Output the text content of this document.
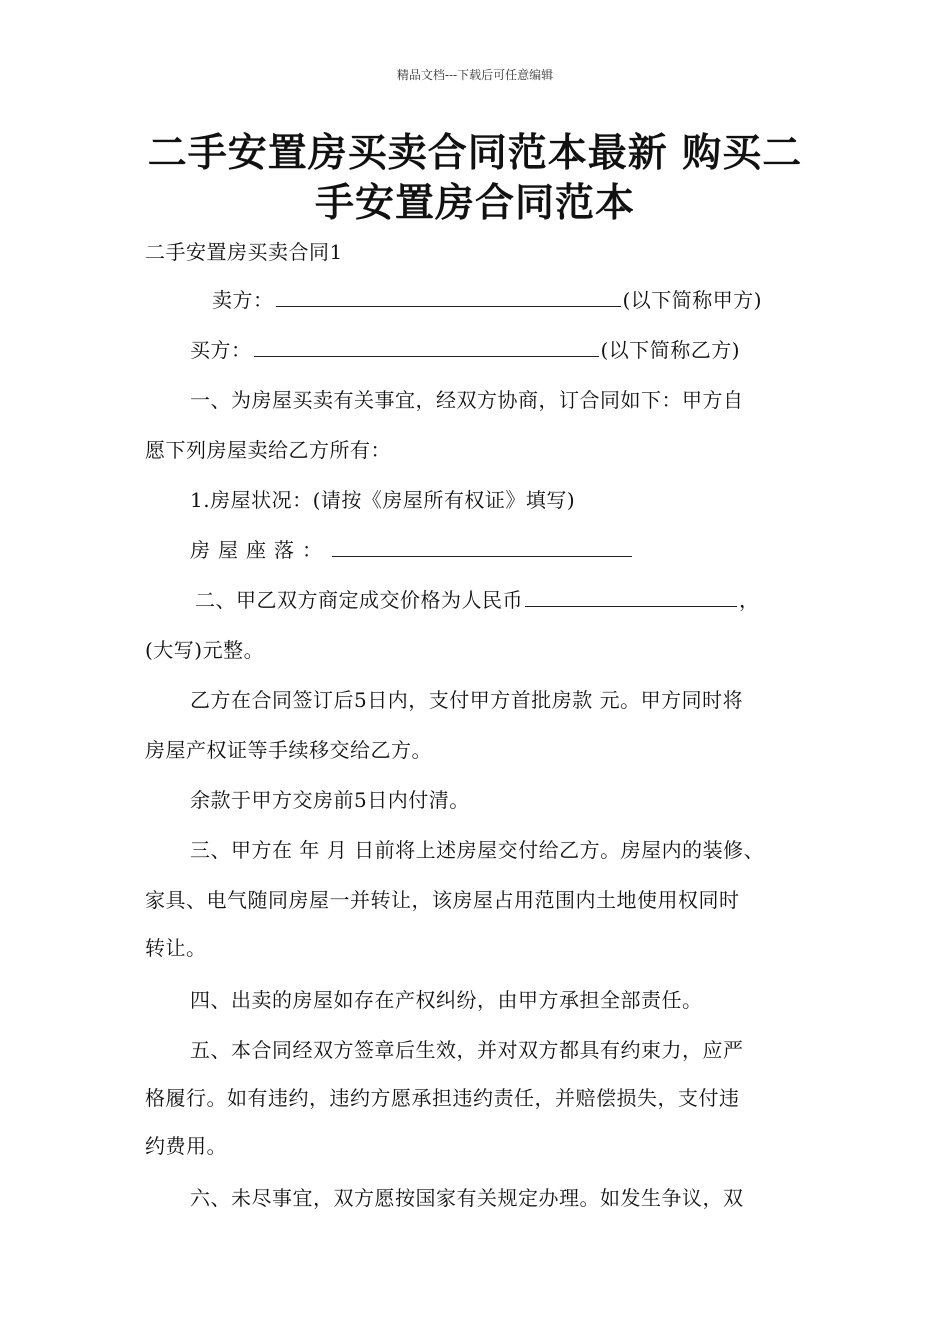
精品文档---下载后可任意编辑
二手安置房买卖合同范本最新 购买二手安置房合同范本
二手安置房买卖合同1
卖方：	(以下简称甲方)
买方：	(以下简称乙方)
一、为房屋买卖有关事宜，经双方协商，订合同如下：甲方自
愿下列房屋卖给乙方所有：
1.房屋状况：(请按《房屋所有权证》填写)
房屋座落：
二、甲乙双方商定成交价格为人民币	，
(大写)元整。
乙方在合同签订后5日内，支付甲方首批房款 元。甲方同时将
房屋产权证等手续移交给乙方。
余款于甲方交房前5日内付清。
三、甲方在 年 月 日前将上述房屋交付给乙方。房屋内的装修、
家具、电气随同房屋一并转让，该房屋占用范围内土地使用权同时
转让。
四、出卖的房屋如存在产权纠纷，由甲方承担全部责任。
五、本合同经双方签章后生效，并对双方都具有约束力，应严
格履行。如有违约，违约方愿承担违约责任，并赔偿损失，支付违
约费用。
六、未尽事宜，双方愿按国家有关规定办理。如发生争议，双
